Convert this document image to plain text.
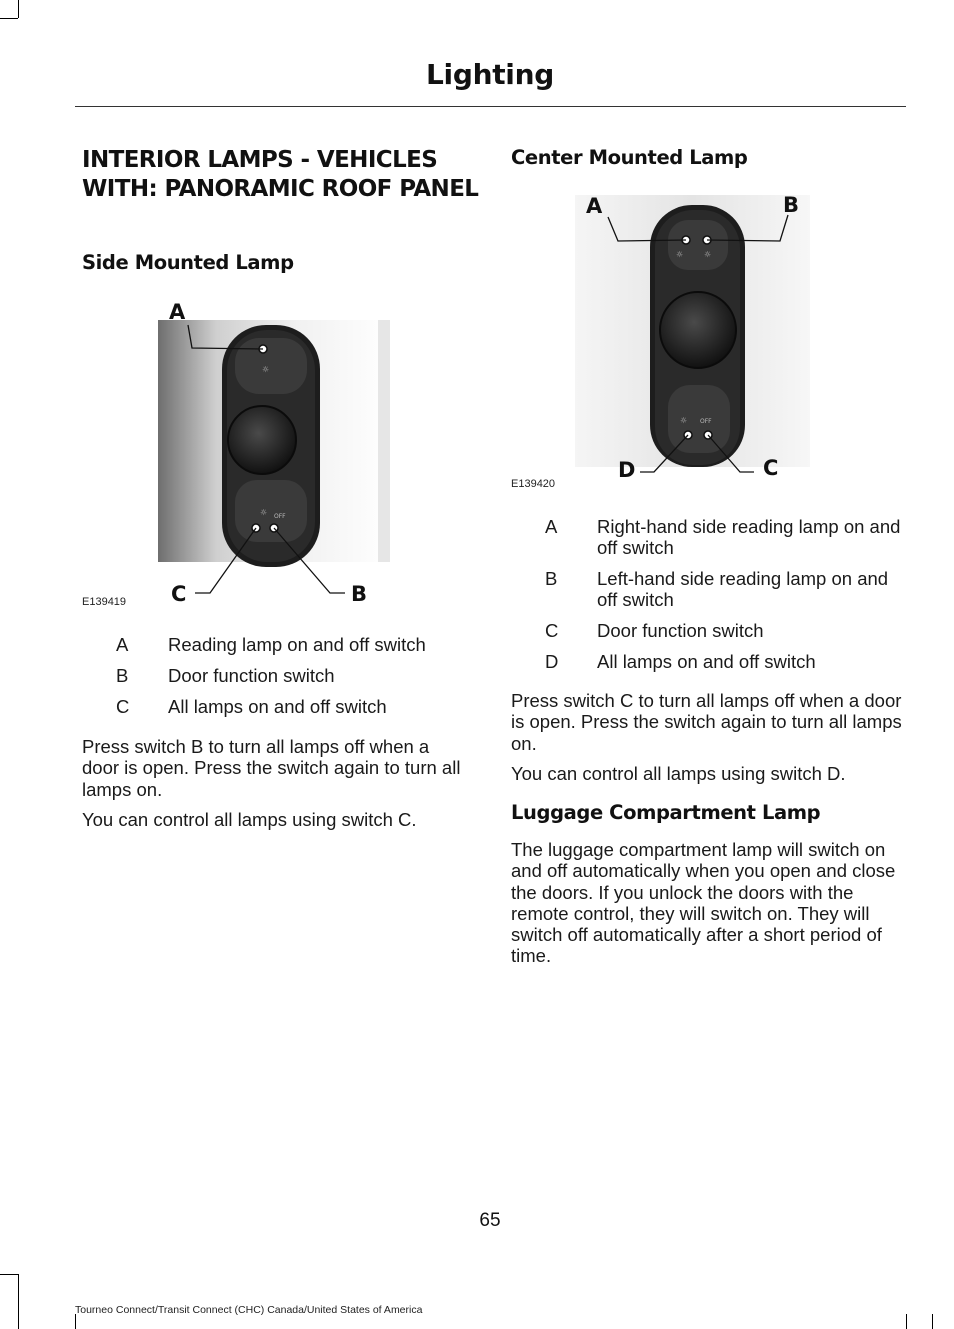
Lighting
INTERIOR LAMPS - VEHICLES WITH: PANORAMIC ROOF PANEL
Side Mounted Lamp
☼ OFF
☼
A
C	B
E139419
A	Reading lamp on and off switch
B	Door function switch
C	All lamps on and off switch
Press switch B to turn all lamps off when a door is open. Press the switch again to turn all lamps on.
You can control all lamps using switch C.
Center Mounted Lamp
☼	☼
☼ OFF
A	B
D	C
E139420
A	Right-hand side reading lamp on and off switch
B	Left-hand side reading lamp on and off switch
C	Door function switch
D	All lamps on and off switch
Press switch C to turn all lamps off when a door is open. Press the switch again to turn all lamps on.
You can control all lamps using switch D.
Luggage Compartment Lamp
The luggage compartment lamp will switch on and off automatically when you open and close the doors. If you unlock the doors with the remote control, they will switch on. They will switch off automatically after a short period of time.
65
Tourneo Connect/Transit Connect (CHC) Canada/United States of America
